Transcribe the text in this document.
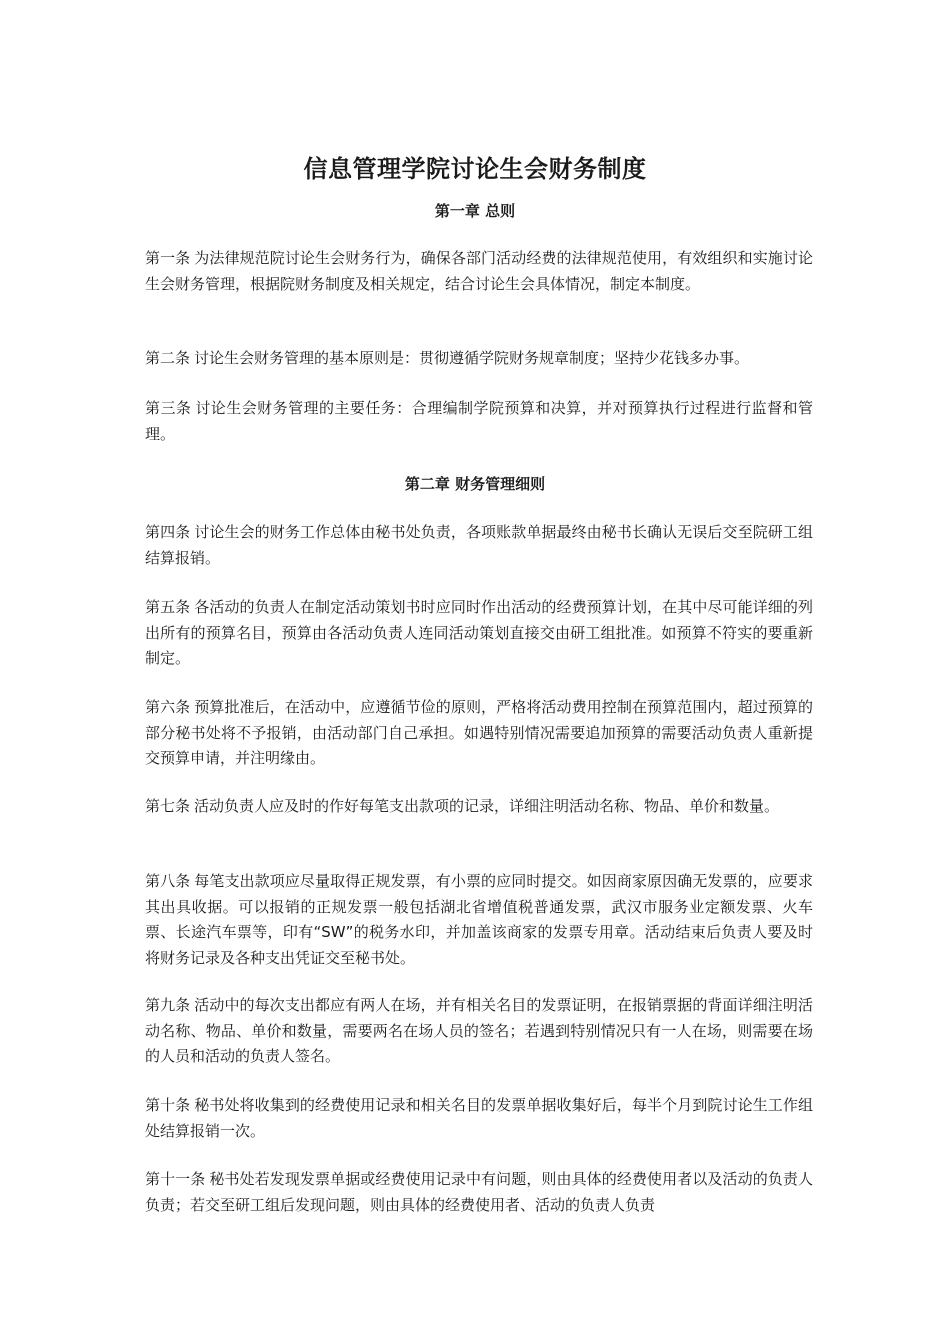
信息管理学院讨论生会财务制度
第一章 总则

第一条 为法律规范院讨论生会财务行为，确保各部门活动经费的法律规范使用，有效组织和实施讨论生会财务管理，根据院财务制度及相关规定，结合讨论生会具体情况，制定本制度。

第二条 讨论生会财务管理的基本原则是：贯彻遵循学院财务规章制度；坚持少花钱多办事。

第三条 讨论生会财务管理的主要任务：合理编制学院预算和决算，并对预算执行过程进行监督和管理。

第二章 财务管理细则

第四条 讨论生会的财务工作总体由秘书处负责，各项账款单据最终由秘书长确认无误后交至院研工组结算报销。

第五条 各活动的负责人在制定活动策划书时应同时作出活动的经费预算计划，在其中尽可能详细的列出所有的预算名目，预算由各活动负责人连同活动策划直接交由研工组批准。如预算不符实的要重新制定。

第六条 预算批准后，在活动中，应遵循节俭的原则，严格将活动费用控制在预算范围内，超过预算的部分秘书处将不予报销，由活动部门自己承担。如遇特别情况需要追加预算的需要活动负责人重新提交预算申请，并注明缘由。

第七条 活动负责人应及时的作好每笔支出款项的记录，详细注明活动名称、物品、单价和数量。

第八条 每笔支出款项应尽量取得正规发票，有小票的应同时提交。如因商家原因确无发票的，应要求其出具收据。可以报销的正规发票一般包括湖北省增值税普通发票，武汉市服务业定额发票、火车票、长途汽车票等，印有“SW”的税务水印，并加盖该商家的发票专用章。活动结束后负责人要及时将财务记录及各种支出凭证交至秘书处。

第九条 活动中的每次支出都应有两人在场，并有相关名目的发票证明，在报销票据的背面详细注明活动名称、物品、单价和数量，需要两名在场人员的签名；若遇到特别情况只有一人在场，则需要在场的人员和活动的负责人签名。

第十条 秘书处将收集到的经费使用记录和相关名目的发票单据收集好后，每半个月到院讨论生工作组处结算报销一次。

第十一条 秘书处若发现发票单据或经费使用记录中有问题，则由具体的经费使用者以及活动的负责人负责；若交至研工组后发现问题，则由具体的经费使用者、活动的负责人负责
